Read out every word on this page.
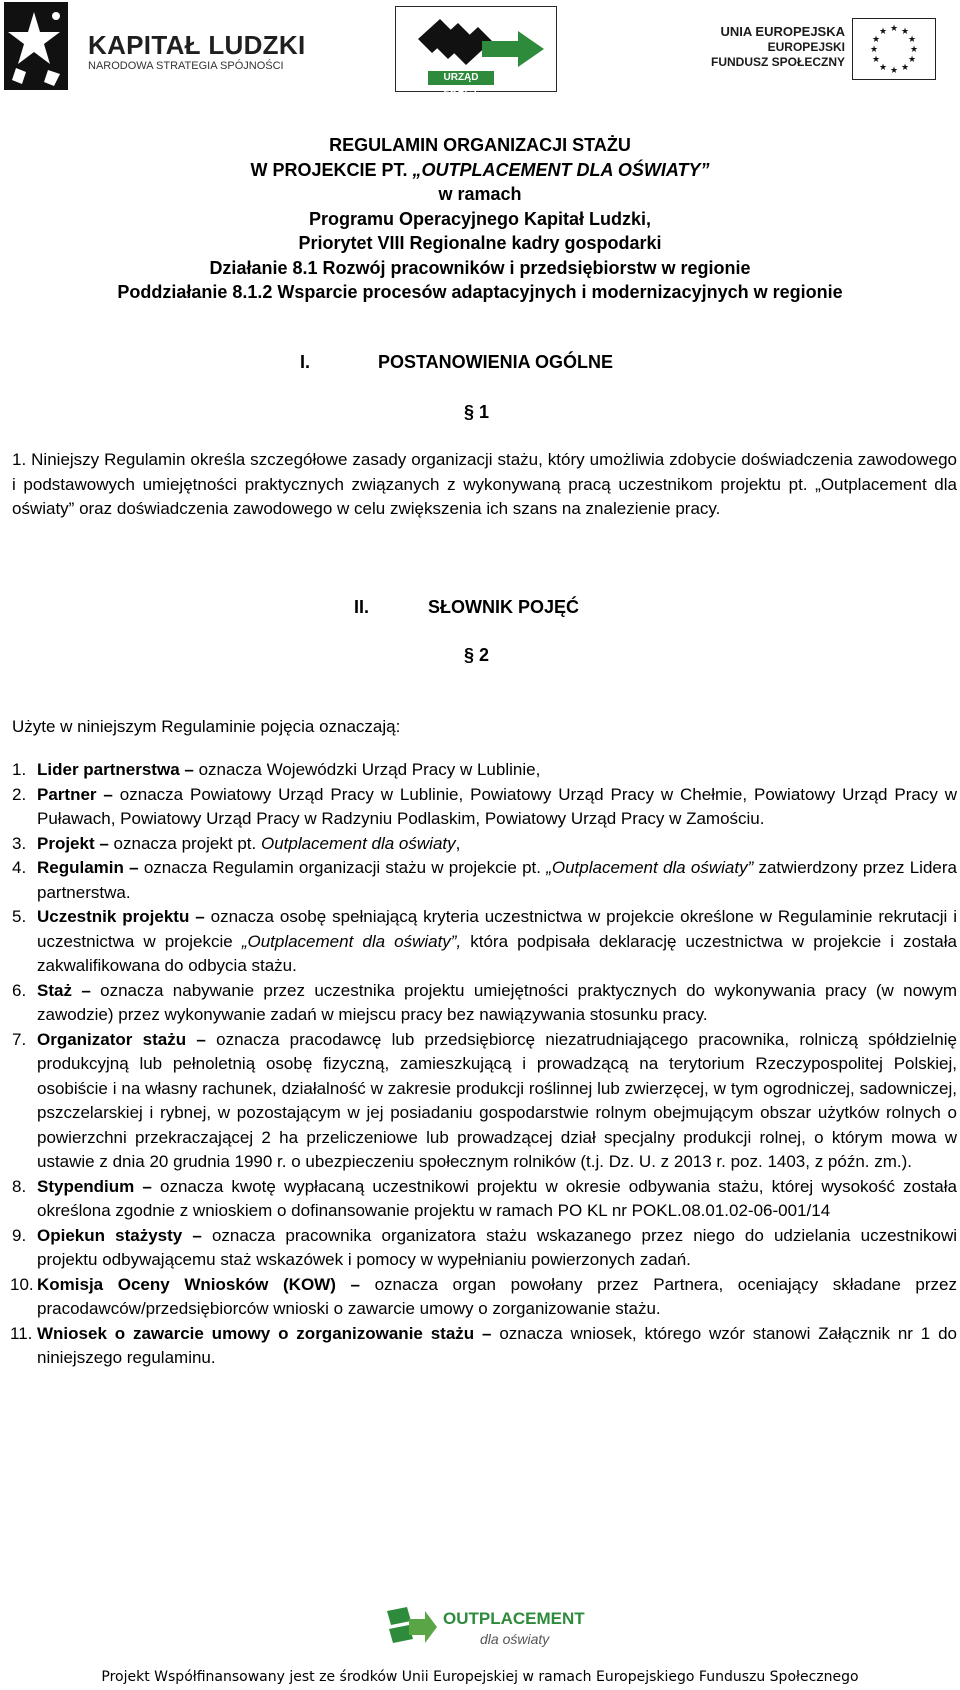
KAPITAŁ LUDZKI
NARODOWA STRATEGIA SPÓJNOŚCI
URZĄD PRACY
UNIA EUROPEJSKA
EUROPEJSKI
FUNDUSZ SPOŁECZNY
★ ★
★
★
★
★
★
★
★
★
★
★
REGULAMIN ORGANIZACJI STAŻU
W PROJEKCIE PT. „OUTPLACEMENT DLA OŚWIATY”
w ramach
Programu Operacyjnego Kapitał Ludzki,
Priorytet VIII Regionalne kadry gospodarki
Działanie 8.1 Rozwój pracowników i przedsiębiorstw w regionie
Poddziałanie 8.1.2 Wsparcie procesów adaptacyjnych i modernizacyjnych w regionie
I.	POSTANOWIENIA OGÓLNE
§ 1
1. Niniejszy Regulamin określa szczegółowe zasady organizacji stażu, który umożliwia zdobycie doświadczenia zawodowego i podstawowych umiejętności praktycznych związanych z wykonywaną pracą uczestnikom projektu pt. „Outplacement dla oświaty” oraz doświadczenia zawodowego w celu zwiększenia ich szans na znalezienie pracy.
II.	SŁOWNIK POJĘĆ
§ 2
Użyte w niniejszym Regulaminie pojęcia oznaczają:
1. Lider partnerstwa – oznacza Wojewódzki Urząd Pracy w Lublinie,
2. Partner – oznacza Powiatowy Urząd Pracy w Lublinie, Powiatowy Urząd Pracy w Chełmie, Powiatowy Urząd Pracy w Puławach, Powiatowy Urząd Pracy w Radzyniu Podlaskim, Powiatowy Urząd Pracy w Zamościu.
3. Projekt – oznacza projekt pt. Outplacement dla oświaty,
4. Regulamin – oznacza Regulamin organizacji stażu w projekcie pt. „Outplacement dla oświaty” zatwierdzony przez Lidera partnerstwa.
5. Uczestnik projektu – oznacza osobę spełniającą kryteria uczestnictwa w projekcie określone w Regulaminie rekrutacji i uczestnictwa w projekcie „Outplacement dla oświaty”, która podpisała deklarację uczestnictwa w projekcie i została zakwalifikowana do odbycia stażu.
6. Staż – oznacza nabywanie przez uczestnika projektu umiejętności praktycznych do wykonywania pracy (w nowym zawodzie) przez wykonywanie zadań w miejscu pracy bez nawiązywania stosunku pracy.
7. Organizator stażu – oznacza pracodawcę lub przedsiębiorcę niezatrudniającego pracownika, rolniczą spółdzielnię produkcyjną lub pełnoletnią osobę fizyczną, zamieszkującą i prowadzącą na terytorium Rzeczypospolitej Polskiej, osobiście i na własny rachunek, działalność w zakresie produkcji roślinnej lub zwierzęcej, w tym ogrodniczej, sadowniczej, pszczelarskiej i rybnej, w pozostającym w jej posiadaniu gospodarstwie rolnym obejmującym obszar użytków rolnych o powierzchni przekraczającej 2 ha przeliczeniowe lub prowadzącej dział specjalny produkcji rolnej, o którym mowa w ustawie z dnia 20 grudnia 1990 r. o ubezpieczeniu społecznym rolników (t.j. Dz. U. z 2013 r. poz. 1403, z późn. zm.).
8. Stypendium – oznacza kwotę wypłacaną uczestnikowi projektu w okresie odbywania stażu, której wysokość została określona zgodnie z wnioskiem o dofinansowanie projektu w ramach PO KL nr POKL.08.01.02-06-001/14
9. Opiekun stażysty – oznacza pracownika organizatora stażu wskazanego przez niego do udzielania uczestnikowi projektu odbywającemu staż wskazówek i pomocy w wypełnianiu powierzonych zadań.
10. Komisja Oceny Wniosków (KOW) – oznacza organ powołany przez Partnera, oceniający składane przez pracodawców/przedsiębiorców wnioski o zawarcie umowy o zorganizowanie stażu.
11. Wniosek o zawarcie umowy o zorganizowanie stażu – oznacza wniosek, którego wzór stanowi Załącznik nr 1 do niniejszego regulaminu.
OUTPLACEMENT
dla oświaty
Projekt Współfinansowany jest ze środków Unii Europejskiej w ramach Europejskiego Funduszu Społecznego
